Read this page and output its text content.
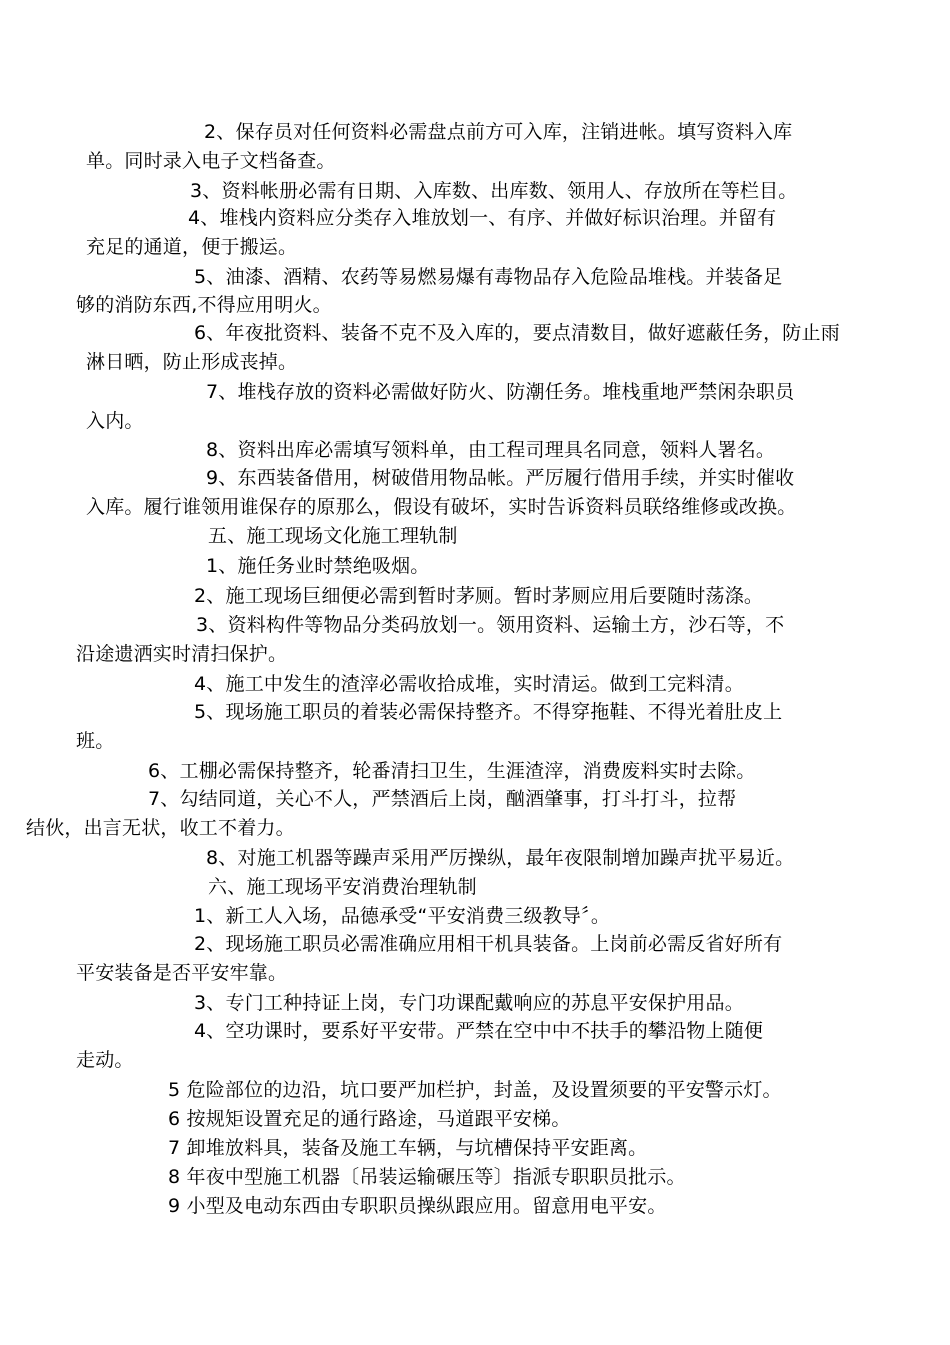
2、保存员对任何资料必需盘点前方可入库，注销进帐。填写资料入库
单。同时录入电子文档备查。
3、资料帐册必需有日期、入库数、出库数、领用人、存放所在等栏目。
4、堆栈内资料应分类存入堆放划一、有序、并做好标识治理。并留有
充足的通道，便于搬运。
5、油漆、酒精、农药等易燃易爆有毒物品存入危险品堆栈。并装备足
够的消防东西,不得应用明火。
6、年夜批资料、装备不克不及入库的，要点清数目，做好遮蔽任务，防止雨
淋日晒，防止形成丧掉。
7、堆栈存放的资料必需做好防火、防潮任务。堆栈重地严禁闲杂职员
入内。
8、资料出库必需填写领料单，由工程司理具名同意，领料人署名。
9、东西装备借用，树破借用物品帐。严厉履行借用手续，并实时催收
入库。履行谁领用谁保存的原那么，假设有破坏，实时告诉资料员联络维修或改换。
五、施工现场文化施工理轨制
1、施任务业时禁绝吸烟。
2、施工现场巨细便必需到暂时茅厕。暂时茅厕应用后要随时荡涤。
3、资料构件等物品分类码放划一。领用资料、运输土方，沙石等，不
沿途遗洒实时清扫保护。
4、施工中发生的渣滓必需收拾成堆，实时清运。做到工完料清。
5、现场施工职员的着装必需保持整齐。不得穿拖鞋、不得光着肚皮上
班。
6、工棚必需保持整齐，轮番清扫卫生，生涯渣滓，消费废料实时去除。
7、勾结同道，关心不人，严禁酒后上岗，酗酒肇事，打斗打斗，拉帮
结伙，出言无状，收工不着力。
8、对施工机器等躁声采用严厉操纵，最年夜限制增加躁声扰平易近。
六、施工现场平安消费治理轨制
1、新工人入场，品德承受“平安消费三级教导〞。
2、现场施工职员必需准确应用相干机具装备。上岗前必需反省好所有
平安装备是否平安牢靠。
3、专门工种持证上岗，专门功课配戴响应的苏息平安保护用品。
4、空功课时，要系好平安带。严禁在空中中不扶手的攀沿物上随便
走动。
5 危险部位的边沿，坑口要严加栏护，封盖，及设置须要的平安警示灯。
6 按规矩设置充足的通行路途，马道跟平安梯。
7 卸堆放料具，装备及施工车辆，与坑槽保持平安距离。
8 年夜中型施工机器〔吊装运输碾压等〕指派专职职员批示。
9 小型及电动东西由专职职员操纵跟应用。留意用电平安。
